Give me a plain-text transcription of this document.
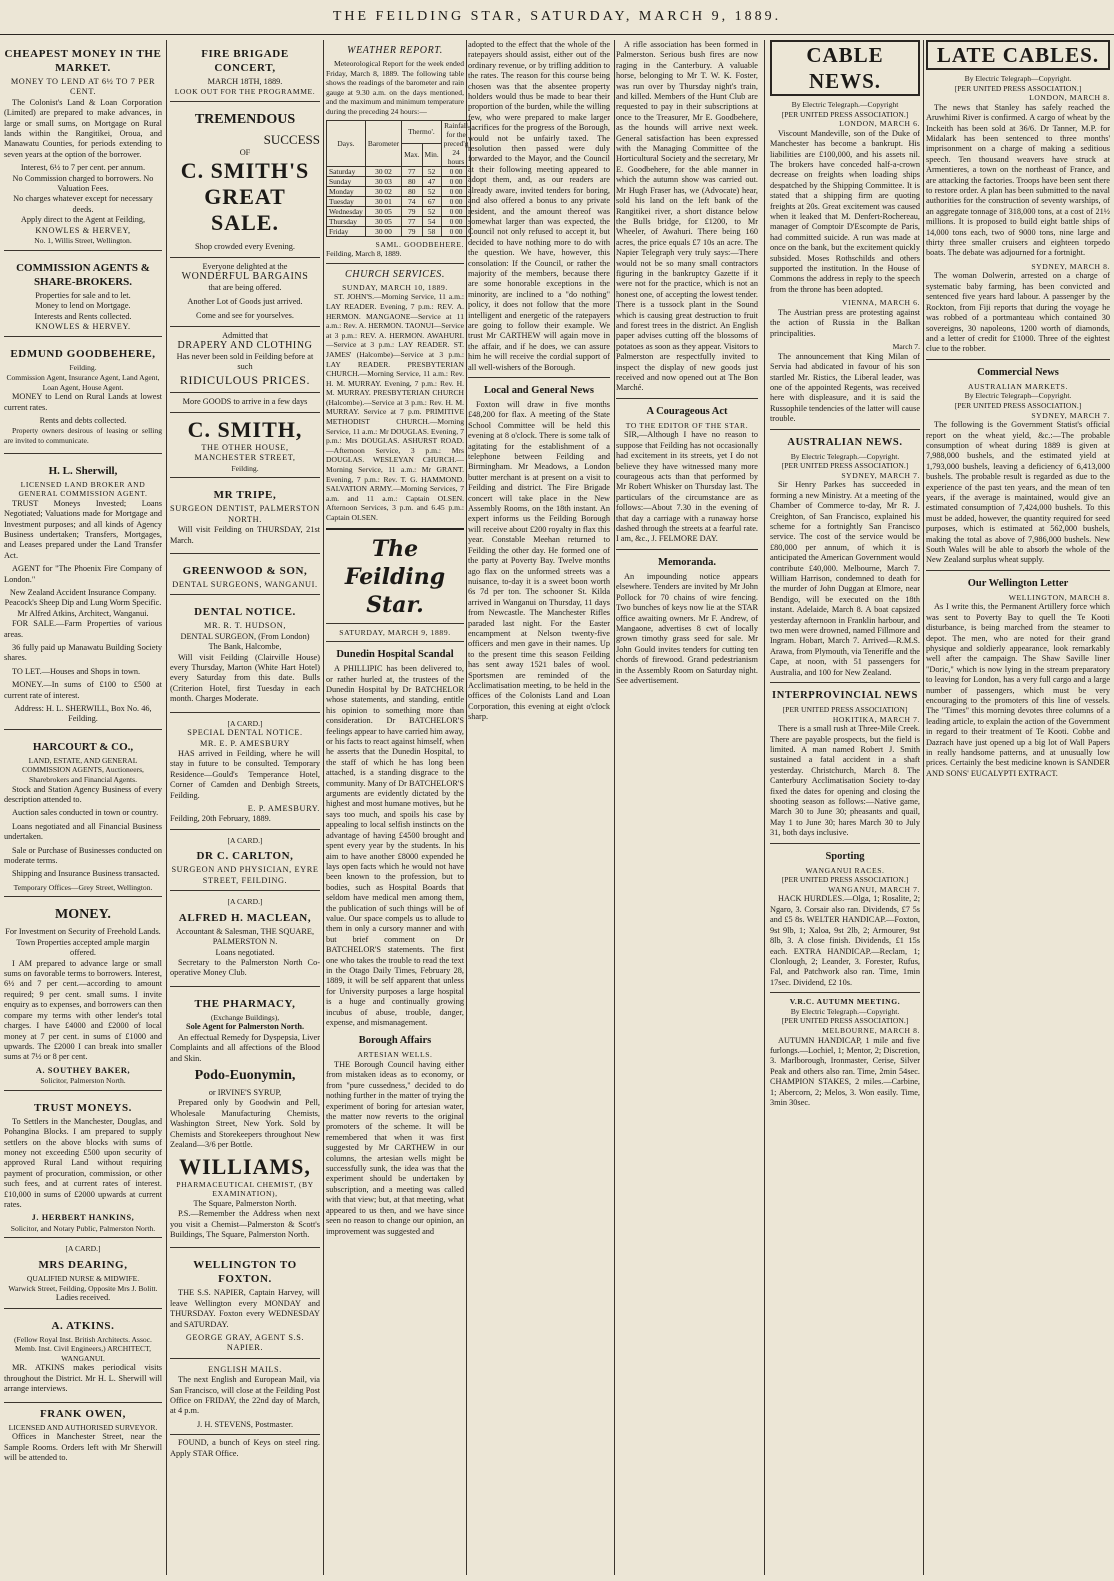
THE FEILDING STAR, SATURDAY, MARCH 9, 1889.
CHEAPEST MONEY IN THE MARKET.
MONEY TO LEND AT 6½ TO 7 PER CENT.

The Colonist's Land & Loan Corporation (Limited) are prepared to make advances, in large or small sums, on Mortgage on Rural lands within the Rangitikei, Oroua, and Manawatu Counties, for periods extending to seven years at the option of the borrower.

Interest, 6½ to 7 per cent. per annum.
No Commission charged to borrowers. No Valuation Fees.
No charges whatever except for necessary deeds.
Apply direct to the Agent at Feilding,
KNOWLES & HERVEY,
No. 1, Willis Street, Wellington.
COMMISSION AGENTS & SHARE-BROKERS.
Properties for sale and to let.
Money to lend on Mortgage.
Interests and Rents collected.
KNOWLES & HERVEY.
EDMUND GOODBEHERE,
Feilding.
Commission Agent, Insurance Agent, Land Agent, Loan Agent, House Agent.

MONEY to Lend on Rural Lands at lowest current rates.

Rents and debts collected.

Property owners desirous of leasing or selling are invited to communicate.

H. L. Sherwill,
LICENSED LAND BROKER AND GENERAL COMMISSION AGENT.

TRUST Moneys Invested; Loans Negotiated; Valuations made for Mortgage and Investment purposes; and all kinds of Agency Business undertaken; Transfers, Mortgages, and Leases prepared under the Land Transfer Act.

AGENT for "The Phoenix Fire Company of London."

New Zealand Accident Insurance Company.
Peacock's Sheep Dip and Lung Worm Specific.
Mr Alfred Atkins, Architect, Wanganui.

FOR SALE.—Farm Properties of various areas.

36 fully paid up Manawatu Building Society shares.

TO LET.—Houses and Shops in town.

MONEY.—In sums of £100 to £500 at current rate of interest.

Address: H. L. SHERWILL, Box No. 46, Feilding.
HARCOURT & CO.,
LAND, ESTATE, AND GENERAL COMMISSION AGENTS, Auctioneers, Sharebrokers and Financial Agents.

Stock and Station Agency Business of every description attended to.

Auction sales conducted in town or country.

Loans negotiated and all Financial Business undertaken.

Sale or Purchase of Businesses conducted on moderate terms.

Shipping and Insurance Business transacted.

Temporary Offices—Grey Street, Wellington.
MONEY.
For Investment on Security of Freehold Lands.
Town Properties accepted ample margin offered.

I AM prepared to advance large or small sums on favorable terms to borrowers. Interest, 6½ and 7 per cent.—according to amount required; 9 per cent. small sums. I invite enquiry as to expenses, and borrowers can then compare my terms with other lender's total charges. I have £4000 and £2000 of local money at 7 per cent. in sums of £1000 and upwards. The £2000 I can break into smaller sums at 7½ or 8 per cent.

A. SOUTHEY BAKER,
Solicitor, Palmerston North.
TRUST MONEYS.

To Settlers in the Manchester, Douglas, and Pohangina Blocks. I am prepared to supply settlers on the above blocks with sums of money not exceeding £500 upon security of approved Rural Land without requiring payment of procuration, commission, or other such fees, and at current rates of interest. £10,000 in sums of £2000 upwards at current rates.

J. HERBERT HANKINS,
Solicitor, and Notary Public, Palmerston North.
[A CARD.]
MRS DEARING,
QUALIFIED NURSE & MIDWIFE.
Warwick Street, Feilding, Opposite Mrs J. Bolitt.
Ladies received.
A. ATKINS.
(Fellow Royal Inst. British Architects. Assoc. Memb. Inst. Civil Engineers,) ARCHITECT, WANGANUI.

MR. ATKINS makes periodical visits throughout the District. Mr H. L. Sherwill will arrange interviews.

FRANK OWEN,
LICENSED AND AUTHORISED SURVEYOR.

Offices in Manchester Street, near the Sample Rooms. Orders left with Mr Sherwill will be attended to.

FIRE BRIGADE CONCERT,
MARCH 18TH, 1889.
LOOK OUT FOR THE PROGRAMME.
TREMENDOUS
SUCCESS
OF
C. SMITH'S
GREAT SALE.
Shop crowded every Evening.
Everyone delighted at the
WONDERFUL BARGAINS
that are being offered.
Another Lot of Goods just arrived.
Come and see for yourselves.
Admitted that
DRAPERY AND CLOTHING
Has never been sold in Feilding before at such
RIDICULOUS PRICES.
More GOODS to arrive in a few days
C. SMITH,
THE OTHER HOUSE,
MANCHESTER STREET,
Feilding.
MR TRIPE,
SURGEON DENTIST, PALMERSTON NORTH.

Will visit Feilding on THURSDAY, 21st March.

GREENWOOD & SON,
DENTAL SURGEONS, WANGANUI.
DENTAL NOTICE.
MR. R. T. HUDSON,
DENTAL SURGEON, (From London)
The Bank, Halcombe,

Will visit Feilding (Clairville House) every Thursday, Marton (White Hart Hotel) every Saturday from this date. Bulls (Criterion Hotel, first Tuesday in each month. Charges Moderate.

[A CARD.]
SPECIAL DENTAL NOTICE.
MR. E. P. AMESBURY

HAS arrived in Feilding, where he will stay in future to be consulted. Temporary Residence—Gould's Temperance Hotel, Corner of Camden and Denbigh Streets, Feilding.

E. P. AMESBURY.
Feilding, 20th February, 1889.
[A CARD.]
DR C. CARLTON,
SURGEON AND PHYSICIAN, EYRE STREET, FEILDING.
[A CARD.]
ALFRED H. MACLEAN,
Accountant & Salesman, THE SQUARE, PALMERSTON N.
Loans negotiated.

Secretary to the Palmerston North Co-operative Money Club.

THE PHARMACY,
(Exchange Buildings),
Sole Agent for Palmerston North.

An effectual Remedy for Dyspepsia, Liver Complaints and all affections of the Blood and Skin.

Podo-Euonymin,
or IRVINE'S SYRUP,

Prepared only by Goodwin and Pell, Wholesale Manufacturing Chemists, Washington Street, New York. Sold by Chemists and Storekeepers throughout New Zealand—3/6 per Bottle.

WILLIAMS,
PHARMACEUTICAL CHEMIST, (BY EXAMINATION),
The Square, Palmerston North.

P.S.—Remember the Address when next you visit a Chemist—Palmerston & Scott's Buildings, The Square, Palmerston North.

WELLINGTON TO FOXTON.

THE S.S. NAPIER, Captain Harvey, will leave Wellington every MONDAY and THURSDAY. Foxton every WEDNESDAY and SATURDAY.

GEORGE GRAY, AGENT S.S. NAPIER.
ENGLISH MAILS.

The next English and European Mail, via San Francisco, will close at the Feilding Post Office on FRIDAY, the 22nd day of March, at 4 p.m.

J. H. STEVENS, Postmaster.

FOUND, a bunch of Keys on steel ring. Apply STAR Office.

WEATHER REPORT.

Meteorological Report for the week ended Friday, March 8, 1889. The following table shows the readings of the barometer and rain gauge at 9.30 a.m. on the days mentioned, and the maximum and minimum temperature during the preceding 24 hours:—

Days.	Barometer	Thermo'.		Rainfall for the preced'g 24 hours
		Max.	Min.	
Saturday	30 02	77	52	0 00
Sunday	30 03	80	47	0 00
Monday	30 02	80	52	0 00
Tuesday	30 01	74	67	0 00
Wednesday	30 05	79	52	0 00
Thursday	30 05	77	54	0 00
Friday	30 00	79	58	0 00
SAML. GOODBEHERE.
Feilding, March 8, 1889.
CHURCH SERVICES.
SUNDAY, MARCH 10, 1889.

ST. JOHN'S.—Morning Service, 11 a.m.: LAY READER. Evening, 7 p.m.: REV. A. HERMON. MANGAONE—Service at 11 a.m.: Rev. A. HERMON. TAONUI—Service at 3 p.m.: REV. A. HERMON. AWAHURI.—Service at 3 p.m.: LAY READER. ST. JAMES' (Halcombe)—Service at 3 p.m.: LAY READER. PRESBYTERIAN CHURCH.—Morning Service, 11 a.m.: Rev. H. M. MURRAY. Evening, 7 p.m.: Rev. H. M. MURRAY. PRESBYTERIAN CHURCH (Halcombe).—Service at 3 p.m.: Rev. H. M. MURRAY. Service at 7 p.m. PRIMITIVE METHODIST CHURCH.—Morning Service, 11 a.m.: Mr DOUGLAS. Evening, 7 p.m.: Mrs DOUGLAS. ASHURST ROAD.—Afternoon Service, 3 p.m.: Mrs DOUGLAS. WESLEYAN CHURCH.—Morning Service, 11 a.m.: Mr GRANT. Evening, 7 p.m.: Rev. T. G. HAMMOND. SALVATION ARMY.—Morning Services, 7 a.m. and 11 a.m.: Captain OLSEN. Afternoon Services, 3 p.m. and 6.45 p.m.: Captain OLSEN.

The Feilding Star.
SATURDAY, MARCH 9, 1889.
Dunedin Hospital Scandal

A PHILLIPIC has been delivered to, or rather hurled at, the trustees of the Dunedin Hospital by Dr BATCHELOR whose statements, and standing, entitle his opinion to something more than consideration. Dr BATCHELOR'S feelings appear to have carried him away, or his facts to react against himself, when he asserts that the Dunedin Hospital, to the staff of which he has long been attached, is a standing disgrace to the community. Many of Dr BATCHELOR'S arguments are evidently dictated by the highest and most humane motives, but he says too much, and spoils his case by appealing to local selfish instincts on the advantage of having £4500 brought and spent every year by the students. In his aim to have another £8000 expended he lays open facts which he would not have been known to the profession, but to bodies, such as Hospital Boards that seldom have medical men among them, the publication of such things will be of value. Our space compels us to allude to them in only a cursory manner and with but brief comment on Dr BATCHELOR'S statements. The first one who takes the trouble to read the text in the Otago Daily Times, February 28, 1889, it will be self apparent that unless for University purposes a large hospital is a huge and continually growing incubus of abuse, trouble, danger, expense, and mismanagement.

Borough Affairs
ARTESIAN WELLS.

THE Borough Council having either from mistaken ideas as to economy, or from "pure cussedness," decided to do nothing further in the matter of trying the experiment of boring for artesian water, the matter now reverts to the original promoters of the scheme. It will be remembered that when it was first suggested by Mr CARTHEW in our columns, the artesian wells might be successfully sunk, the idea was that the experiment should be undertaken by subscription, and a meeting was called with that view; but, at that meeting, what appeared to us then, and we have since seen no reason to change our opinion, an improvement was suggested and

adopted to the effect that the whole of the ratepayers should assist, either out of the ordinary revenue, or by trifling addition to the rates. The reason for this course being chosen was that the absentee property holders would thus be made to bear their proportion of the burden, while the willing few, who were prepared to make larger sacrifices for the progress of the Borough, would not be unfairly taxed. The resolution then passed were duly forwarded to the Mayor, and the Council at their following meeting appeared to adopt them, and, as our readers are already aware, invited tenders for boring, and also offered a bonus to any private resident, and the amount thereof was somewhat larger than was expected, the Council not only refused to accept it, but decided to have nothing more to do with the question. We have, however, this consolation: If the Council, or rather the majority of the members, because there are some honorable exceptions in the minority, are inclined to a "do nothing" policy, it does not follow that the more intelligent and energetic of the ratepayers are going to follow their example. We trust Mr CARTHEW will again move in the affair, and if he does, we can assure him he will receive the cordial support of all well-wishers of the Borough.

Local and General News

Foxton will draw in five months £48,200 for flax. A meeting of the State School Committee will be held this evening at 8 o'clock. There is some talk of agitating for the establishment of a telephone between Feilding and Birmingham. Mr Meadows, a London butter merchant is at present on a visit to Feilding and district. The Fire Brigade concert will take place in the New Assembly Rooms, on the 18th instant. An expert informs us the Feilding Borough will receive about £200 royalty in flax this year. Constable Meehan returned to Feilding the other day. He formed one of the party at Poverty Bay. Twelve months ago flax on the unformed streets was a nuisance, to-day it is a sweet boon worth 6s 7d per ton. The schooner St. Kilda arrived in Wanganui on Thursday, 11 days from Newcastle. The Manchester Rifles paraded last night. For the Easter encampment at Nelson twenty-five officers and men gave in their names. Up to the present time this season Feilding has sent away 1521 bales of wool. Sportsmen are reminded of the Acclimatisation meeting, to be held in the offices of the Colonists Land and Loan Corporation, this evening at eight o'clock sharp.

A rifle association has been formed in Palmerston. Serious bush fires are now raging in the Canterbury. A valuable horse, belonging to Mr T. W. K. Foster, was run over by Thursday night's train, and killed. Members of the Hunt Club are requested to pay in their subscriptions at once to the Treasurer, Mr E. Goodbehere, as the hounds will arrive next week. General satisfaction has been expressed with the Managing Committee of the Horticultural Society and the secretary, Mr E. Goodbehere, for the able manner in which the autumn show was carried out. Mr Hugh Fraser has, we (Advocate) hear, sold his land on the left bank of the Rangitikei river, a short distance below the Bulls bridge, for £1200, to Mr Wheeler, of Awahuri. There being 160 acres, the price equals £7 10s an acre. The Napier Telegraph very truly says:—There would not be so many small contractors figuring in the bankruptcy Gazette if it were not for the practice, which is not an honest one, of accepting the lowest tender. There is a tussock plant in the Sound which is causing great destruction to fruit and forest trees in the district. An English paper advises cutting off the blossoms of potatoes as soon as they appear. Visitors to Palmerston are respectfully invited to inspect the display of new goods just received and now opened out at The Bon Marché.

A Courageous Act
TO THE EDITOR OF THE STAR.

SIR,—Although I have no reason to suppose that Feilding has not occasionally had excitement in its streets, yet I do not believe they have witnessed many more courageous acts than that performed by Mr Robert Whisker on Thursday last. The particulars of the circumstance are as follows:—About 7.30 in the evening of that day a carriage with a runaway horse dashed through the streets at a fearful rate. I am, &c., J. FELMORE DAY.

Memoranda.

An impounding notice appears elsewhere. Tenders are invited by Mr John Pollock for 70 chains of wire fencing. Two bunches of keys now lie at the STAR office awaiting owners. Mr F. Andrew, of Mangaone, advertises 8 cwt of locally grown timothy grass seed for sale. Mr John Gould invites tenders for cutting ten chords of firewood. Grand pedestrianism in the Assembly Room on Saturday night. See advertisement.

CABLE NEWS.
By Electric Telegraph.—Copyright
[PER UNITED PRESS ASSOCIATION.]
LONDON, MARCH 6.

Viscount Mandeville, son of the Duke of Manchester has become a bankrupt. His liabilities are £100,000, and his assets nil. The brokers have conceded half-a-crown decrease on freights when loading ships despatched by the Shipping Committee. It is stated that a shipping firm are quoting freights at 20s. Great excitement was caused when it leaked that M. Denfert-Rochereau, manager of Comptoir D'Escompte de Paris, had committed suicide. A run was made at once on the bank, but the excitement quickly subsided. Moses Rothschilds and others supported the institution. In the House of Commons the address in reply to the speech from the throne has been adopted.

VIENNA, MARCH 6.

The Austrian press are protesting against the action of Russia in the Balkan principalities.

March 7.

The announcement that King Milan of Servia had abdicated in favour of his son startled Mr. Ristics, the Liberal leader, was one of the appointed Regents, was received here with displeasure, and it is said the Russophile tendencies of the latter will cause trouble.

AUSTRALIAN NEWS.
By Electric Telegraph.—Copyright.
[PER UNITED PRESS ASSOCIATION.]
SYDNEY, MARCH 7.

Sir Henry Parkes has succeeded in forming a new Ministry. At a meeting of the Chamber of Commerce to-day, Mr R. J. Creighton, of San Francisco, explained his scheme for a fortnightly San Francisco service. The cost of the service would be £80,000 per annum, of which it is anticipated the American Government would contribute £40,000. Melbourne, March 7. William Harrison, condemned to death for the murder of John Duggan at Elmore, near Bendigo, will be executed on the 18th instant. Adelaide, March 8. A boat capsized yesterday afternoon in Franklin harbour, and two men were drowned, named Fillmore and Ingram. Hobart, March 7. Arrived—R.M.S. Arawa, from Plymouth, via Teneriffe and the Cape, at noon, with 51 passengers for Australia, and 100 for New Zealand.

INTERPROVINCIAL NEWS
[PER UNITED PRESS ASSOCIATION]
HOKITIKA, MARCH 7.

There is a small rush at Three-Mile Creek. There are payable prospects, but the field is limited. A man named Robert J. Smith sustained a fatal accident in a shaft yesterday. Christchurch, March 8. The Canterbury Acclimatisation Society to-day fixed the dates for opening and closing the shooting season as follows:—Native game, March 30 to June 30; pheasants and quail, May 1 to June 30; hares March 30 to July 31, both days inclusive.

Sporting
WANGANUI RACES.
[PER UNITED PRESS ASSOCIATION.]
WANGANUI, MARCH 7.

HACK HURDLES.—Olga, 1; Rosalite, 2; Ngaro, 3. Corsair also ran. Dividends, £7 5s and £5 8s. WELTER HANDICAP.—Foxton, 9st 9lb, 1; Xaloa, 9st 2lb, 2; Armourer, 9st 8lb, 3. A close finish. Dividends, £1 15s each. EXTRA HANDICAP.—Reclam, 1; Clonlough, 2; Leander, 3. Forester, Rufus, Fal, and Patchwork also ran. Time, 1min 17sec. Dividend, £2 10s.

V.R.C. AUTUMN MEETING.
By Electric Telegraph.—Copyright.
[PER UNITED PRESS ASSOCIATION.]
MELBOURNE, MARCH 8.

AUTUMN HANDICAP, 1 mile and five furlongs.—Lochiel, 1; Mentor, 2; Discretion, 3. Marlborough, Ironmaster, Cerise, Silver Peak and others also ran. Time, 2min 54sec. CHAMPION STAKES, 2 miles.—Carbine, 1; Abercorn, 2; Melos, 3. Won easily. Time, 3min 30sec.

LATE CABLES.
By Electric Telegraph—Copyright.
[PER UNITED PRESS ASSOCIATION.]
LONDON, MARCH 8.

The news that Stanley has safely reached the Aruwhimi River is confirmed. A cargo of wheat by the Inckeith has been sold at 36/6. Dr Tanner, M.P. for Midalark has been sentenced to three months' imprisonment on a charge of making a seditious speech. Ten thousand weavers have struck at Armentieres, a town on the northeast of France, and are attacking the factories. Troops have been sent there to restore order. A plan has been submitted to the naval authorities for the construction of seventy warships, of an aggregate tonnage of 318,000 tons, at a cost of 21½ millions. It is proposed to build eight battle ships of 14,000 tons each, two of 9000 tons, nine large and thirty three smaller cruisers and eighteen torpedo boats. The debate was adjourned for a fortnight.

SYDNEY, MARCH 8.

The woman Dolwerin, arrested on a charge of systematic baby farming, has been convicted and sentenced five years hard labour. A passenger by the Rockton, from Fiji reports that during the voyage he was robbed of a portmanteau which contained 30 sovereigns, 30 napoleons, 1200 worth of diamonds, and a letter of credit for £1000. Three of the eightest clue to the robber.

Commercial News
AUSTRALIAN MARKETS.
By Electric Telegraph—Copyright.
[PER UNITED PRESS ASSOCIATION.]
SYDNEY, MARCH 7.

The following is the Government Statist's official report on the wheat yield, &c.:—The probable consumption of wheat during 1889 is given at 7,988,000 bushels, and the estimated yield at 1,793,000 bushels, leaving a deficiency of 6,413,000 bushels. The probable result is regarded as due to the experience of the past ten years, and the mean of ten years, if the average is maintained, would give an estimated consumption of 7,424,000 bushels. To this must be added, however, the quantity required for seed purposes, which is estimated at 562,000 bushels, making the total as above of 7,986,000 bushels. New South Wales will be able to absorb the whole of the New Zealand surplus wheat supply.

Our Wellington Letter
WELLINGTON, MARCH 8.

As I write this, the Permanent Artillery force which was sent to Poverty Bay to quell the Te Kooti disturbance, is being marched from the steamer to depot. The men, who are noted for their grand physique and soldierly appearance, look remarkably well after the campaign. The Shaw Saville liner "Doric," which is now lying in the stream preparatory to leaving for London, has a very full cargo and a large number of passengers, which must be very encouraging to the promoters of this line of vessels. The "Times" this morning devotes three columns of a leading article, to explain the action of the Government in regard to their treatment of Te Kooti. Cobbe and Dazrach have just opened up a big lot of Wall Papers in really handsome patterns, and at unusually low prices. Certainly the best medicine known is SANDER AND SONS' EUCALYPTI EXTRACT.
